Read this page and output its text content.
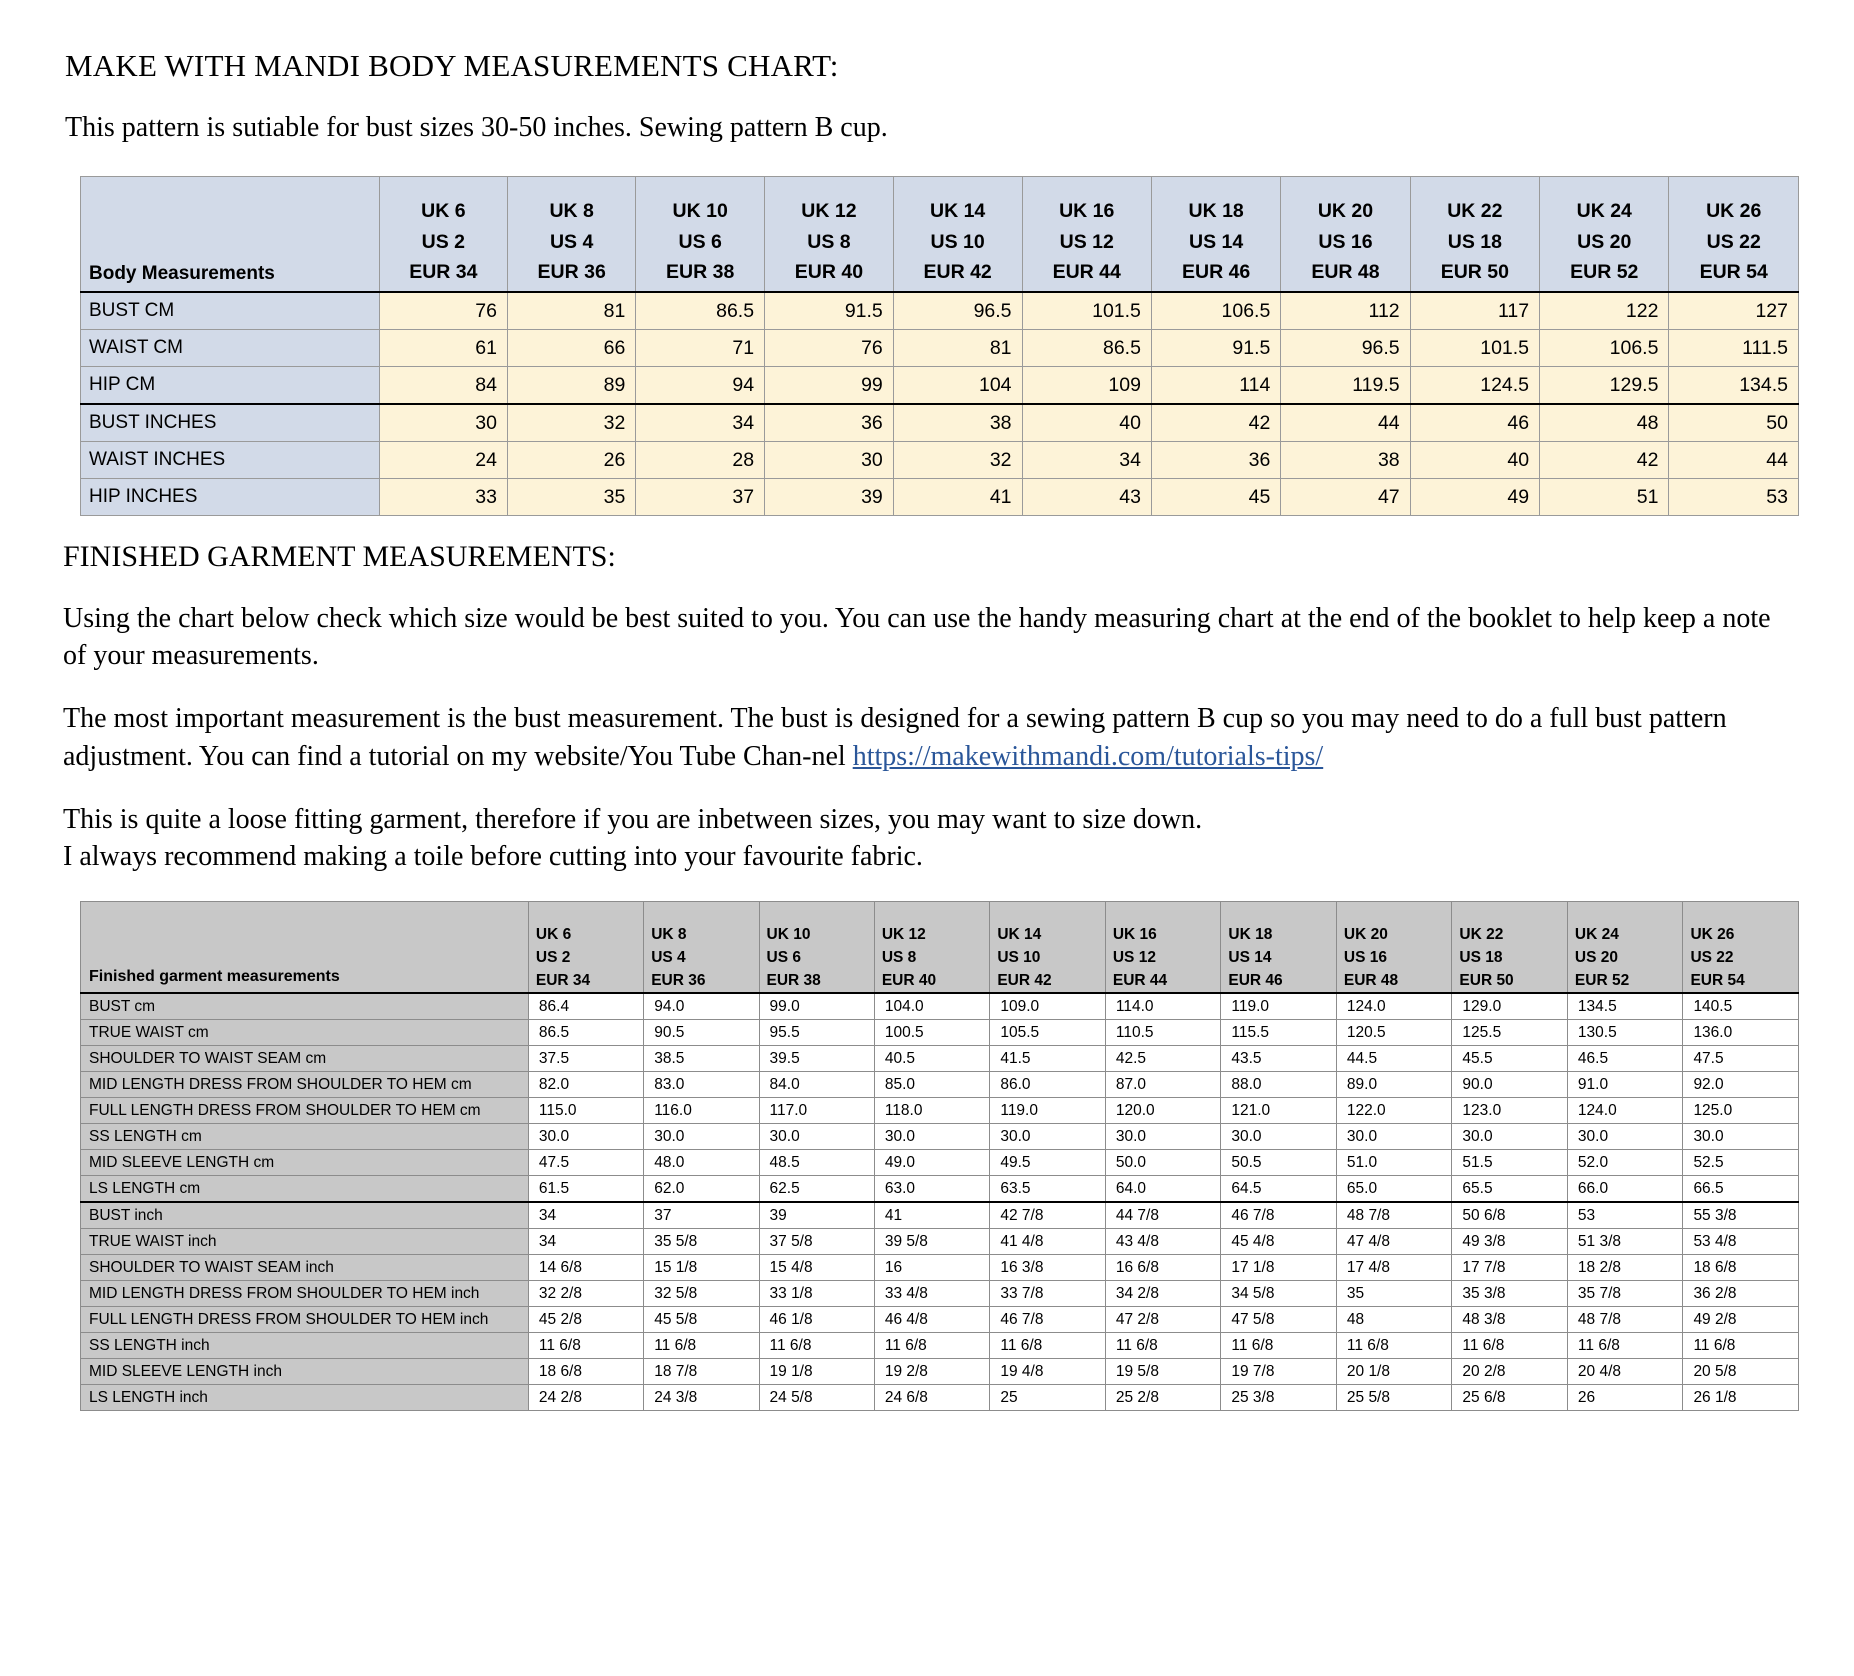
MAKE WITH MANDI BODY MEASUREMENTS CHART:

This pattern is sutiable for bust sizes 30-50 inches. Sewing pattern B cup.

Body Measurements	
UK 6
US 2
EUR 34

UK 8
US 4
EUR 36

UK 10
US 6
EUR 38

UK 12
US 8
EUR 40

UK 14
US 10
EUR 42

UK 16
US 12
EUR 44

UK 18
US 14
EUR 46

UK 20
US 16
EUR 48

UK 22
US 18
EUR 50

UK 24
US 20
EUR 52

UK 26
US 22
EUR 54

BUST CM	76	81	86.5	91.5	96.5	101.5	106.5	112	117	122	127
WAIST CM	61	66	71	76	81	86.5	91.5	96.5	101.5	106.5	111.5
HIP CM	84	89	94	99	104	109	114	119.5	124.5	129.5	134.5
BUST INCHES	30	32	34	36	38	40	42	44	46	48	50
WAIST INCHES	24	26	28	30	32	34	36	38	40	42	44
HIP INCHES	33	35	37	39	41	43	45	47	49	51	53
FINISHED GARMENT MEASUREMENTS:

Using the chart below check which size would be best suited to you. You can use the handy measuring chart at the end of the booklet to help keep a note of your measurements.

The most important measurement is the bust measurement. The bust is designed for a sewing pattern B cup so you may need to do a full bust pattern adjustment. You can find a tutorial on my website/You Tube Chan-nel https://makewithmandi.com/tutorials-tips/

This is quite a loose fitting garment, therefore if you are inbetween sizes, you may want to size down.
I always recommend making a toile before cutting into your favourite fabric.

Finished garment measurements	
UK 6
US 2
EUR 34

UK 8
US 4
EUR 36

UK 10
US 6
EUR 38

UK 12
US 8
EUR 40

UK 14
US 10
EUR 42

UK 16
US 12
EUR 44

UK 18
US 14
EUR 46

UK 20
US 16
EUR 48

UK 22
US 18
EUR 50

UK 24
US 20
EUR 52

UK 26
US 22
EUR 54

BUST cm	86.4	94.0	99.0	104.0	109.0	114.0	119.0	124.0	129.0	134.5	140.5
TRUE WAIST cm	86.5	90.5	95.5	100.5	105.5	110.5	115.5	120.5	125.5	130.5	136.0
SHOULDER TO WAIST SEAM cm	37.5	38.5	39.5	40.5	41.5	42.5	43.5	44.5	45.5	46.5	47.5
MID LENGTH DRESS FROM SHOULDER TO HEM cm	82.0	83.0	84.0	85.0	86.0	87.0	88.0	89.0	90.0	91.0	92.0
FULL LENGTH DRESS FROM SHOULDER TO HEM cm	115.0	116.0	117.0	118.0	119.0	120.0	121.0	122.0	123.0	124.0	125.0
SS LENGTH cm	30.0	30.0	30.0	30.0	30.0	30.0	30.0	30.0	30.0	30.0	30.0
MID SLEEVE LENGTH cm	47.5	48.0	48.5	49.0	49.5	50.0	50.5	51.0	51.5	52.0	52.5
LS LENGTH cm	61.5	62.0	62.5	63.0	63.5	64.0	64.5	65.0	65.5	66.0	66.5
BUST inch	34	37	39	41	42 7/8	44 7/8	46 7/8	48 7/8	50 6/8	53	55 3/8
TRUE WAIST inch	34	35 5/8	37 5/8	39 5/8	41 4/8	43 4/8	45 4/8	47 4/8	49 3/8	51 3/8	53 4/8
SHOULDER TO WAIST SEAM inch	14 6/8	15 1/8	15 4/8	16	16 3/8	16 6/8	17 1/8	17 4/8	17 7/8	18 2/8	18 6/8
MID LENGTH DRESS FROM SHOULDER TO HEM inch	32 2/8	32 5/8	33 1/8	33 4/8	33 7/8	34 2/8	34 5/8	35	35 3/8	35 7/8	36 2/8
FULL LENGTH DRESS FROM SHOULDER TO HEM inch	45 2/8	45 5/8	46 1/8	46 4/8	46 7/8	47 2/8	47 5/8	48	48 3/8	48 7/8	49 2/8
SS LENGTH inch	11 6/8	11 6/8	11 6/8	11 6/8	11 6/8	11 6/8	11 6/8	11 6/8	11 6/8	11 6/8	11 6/8
MID SLEEVE LENGTH inch	18 6/8	18 7/8	19 1/8	19 2/8	19 4/8	19 5/8	19 7/8	20 1/8	20 2/8	20 4/8	20 5/8
LS LENGTH inch	24 2/8	24 3/8	24 5/8	24 6/8	25	25 2/8	25 3/8	25 5/8	25 6/8	26	26 1/8
